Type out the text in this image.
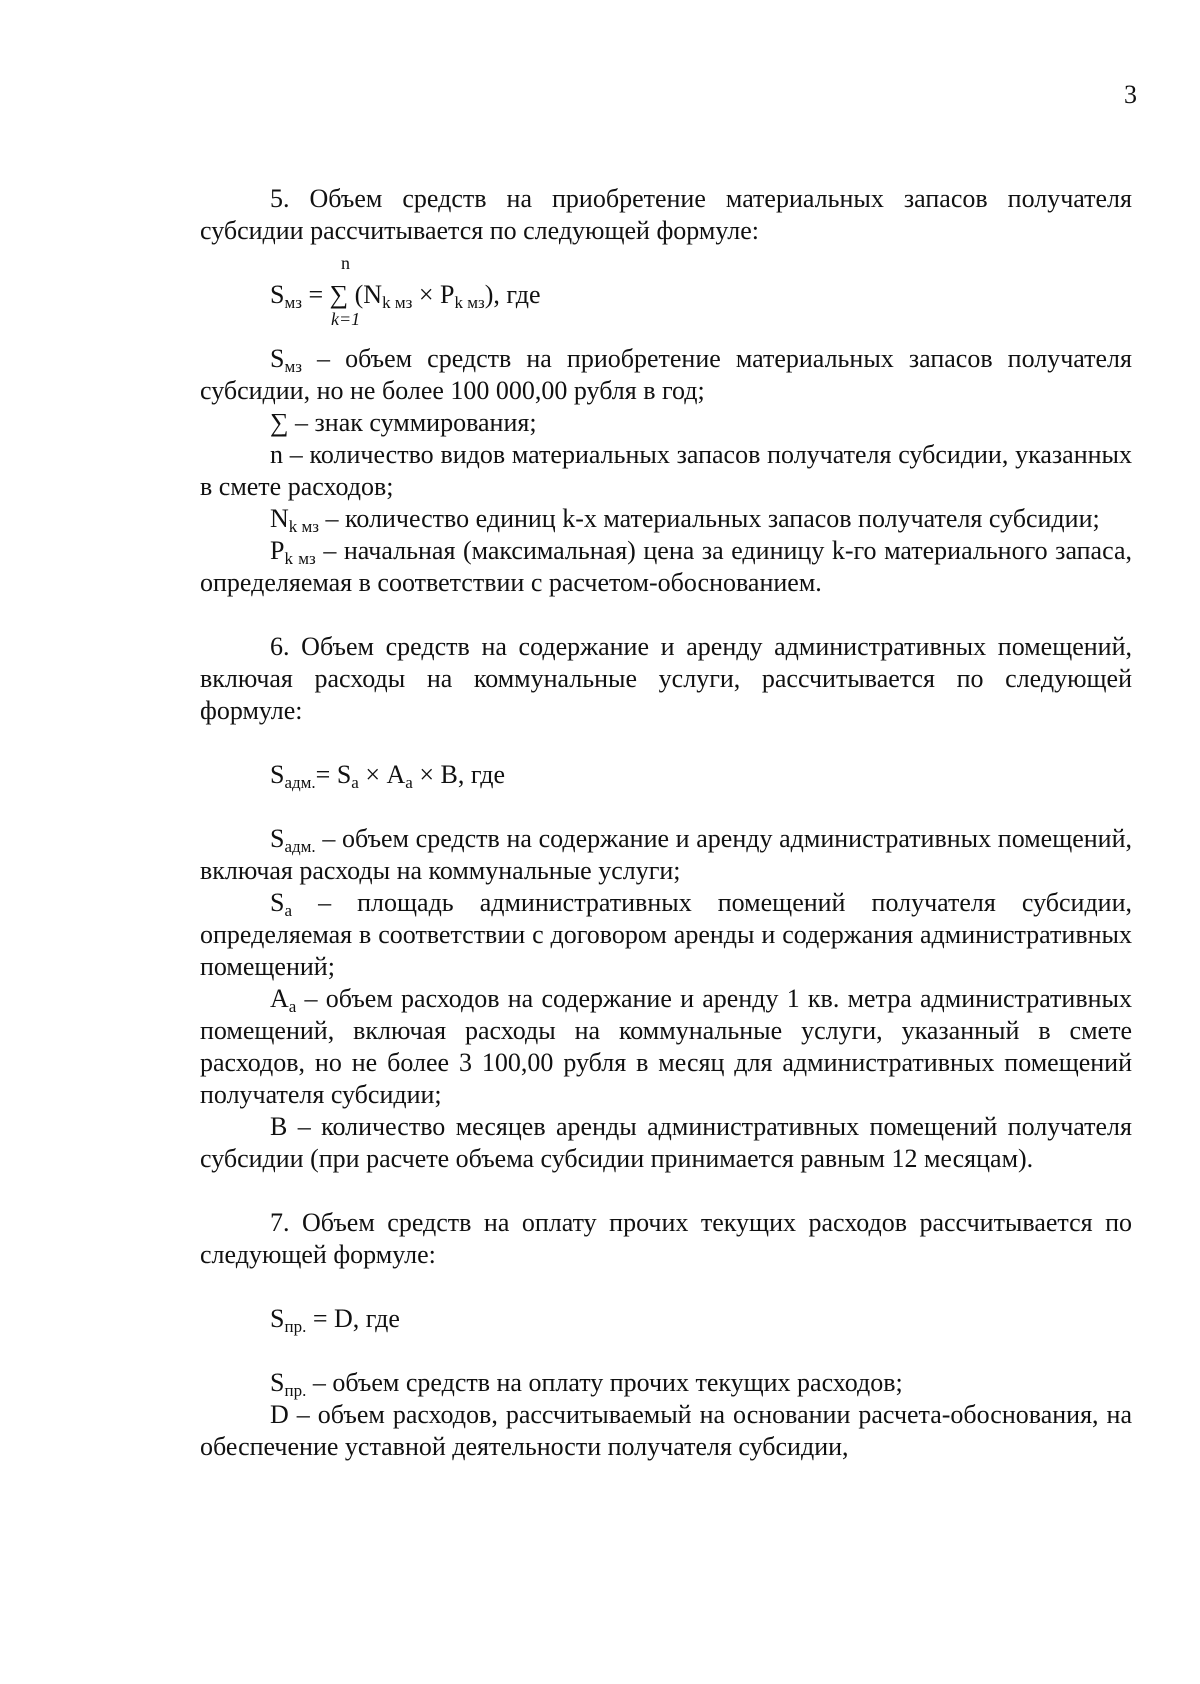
3

5. Объем средств на приобретение материальных запасов получателя субсидии рассчитывается по следующей формуле:

n
$S_{мз}$ = ∑ $(N_{k мз} \times P_{k мз})$, где
k=1

$S_{мз}$ – объем средств на приобретение материальных запасов получателя субсидии, но не более 100 000,00 рубля в год;

∑ – знак суммирования;

n – количество видов материальных запасов получателя субсидии, указанных в смете расходов;

$N_{k мз}$ – количество единиц k-х материальных запасов получателя субсидии;

$P_{k мз}$ – начальная (максимальная) цена за единицу k-го материального запаса, определяемая в соответствии с расчетом-обоснованием.

6. Объем средств на содержание и аренду административных помещений, включая расходы на коммунальные услуги, рассчитывается по следующей формуле:

$S_{адм.}= S_а \times А_а \times В$, где

$S_{адм.}$ – объем средств на содержание и аренду административных помещений, включая расходы на коммунальные услуги;

$S_а$ – площадь административных помещений получателя субсидии, определяемая в соответствии с договором аренды и содержания административных помещений;

$А_а$ – объем расходов на содержание и аренду 1 кв. метра административных помещений, включая расходы на коммунальные услуги, указанный в смете расходов, но не более 3 100,00 рубля в месяц для административных помещений получателя субсидии;

В – количество месяцев аренды административных помещений получателя субсидии (при расчете объема субсидии принимается равным 12 месяцам).

7. Объем средств на оплату прочих текущих расходов рассчитывается по следующей формуле:

$S_{пр.} = D$, где

$S_{пр.}$ – объем средств на оплату прочих текущих расходов;

D – объем расходов, рассчитываемый на основании расчета-обоснования, на обеспечение уставной деятельности получателя субсидии,
